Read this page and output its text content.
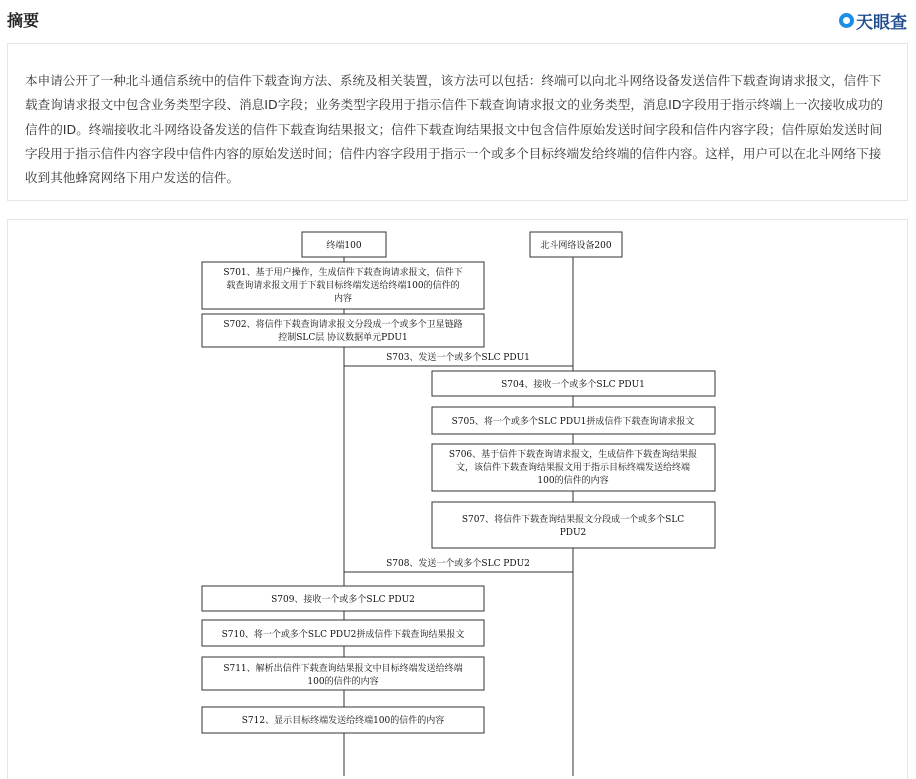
摘要	天眼查

本申请公开了一种北斗通信系统中的信件下载查询方法、系统及相关装置，该方法可以包括：终端可以向北斗网络设备发送信件下载查询请求报文，信件下载查询请求报文中包含业务类型字段、消息ID字段；业务类型字段用于指示信件下载查询请求报文的业务类型，消息ID字段用于指示终端上一次接收成功的信件的ID。终端接收北斗网络设备发送的信件下载查询结果报文；信件下载查询结果报文中包含信件原始发送时间字段和信件内容字段；信件原始发送时间字段用于指示信件内容字段中信件内容的原始发送时间；信件内容字段用于指示一个或多个目标终端发给终端的信件内容。这样，用户可以在北斗网络下接收到其他蜂窝网络下用户发送的信件。

终端100	北斗网络设备200
S701、基于用户操作，生成信件下载查询请求报文，信件下
载查询请求报文用于下载目标终端发送给终端100的信件的
内容
S702、将信件下载查询请求报文分段成一个或多个卫星链路
控制SLC层 协议数据单元PDU1
S703、发送一个或多个SLC PDU1
S704、接收一个或多个SLC PDU1
S705、将一个或多个SLC PDU1拼成信件下载查询请求报文
S706、基于信件下载查询请求报文，生成信件下载查询结果报
文，该信件下载查询结果报文用于指示目标终端发送给终端
100的信件的内容
S707、将信件下载查询结果报文分段成一个或多个SLC
PDU2
S708、发送一个或多个SLC PDU2
S709、接收一个或多个SLC PDU2
S710、将一个或多个SLC PDU2拼成信件下载查询结果报文
S711、解析出信件下载查询结果报文中目标终端发送给终端
100的信件的内容
S712、显示目标终端发送给终端100的信件的内容
